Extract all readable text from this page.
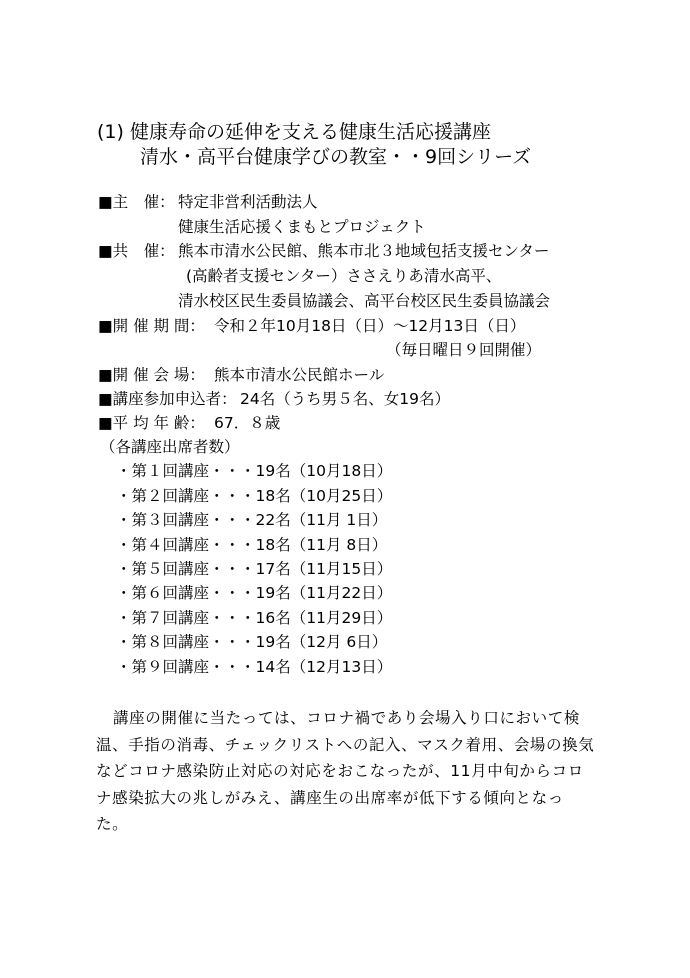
(1) 健康寿命の延伸を支える健康生活応援講座
清水・高平台健康学びの教室・・9回シリーズ
■主　催： 特定非営利活動法人
健康生活応援くまもとプロジェクト
■共　催： 熊本市清水公民館、熊本市北３地域包括支援センター
(高齢者支援センター）ささえりあ清水高平、
清水校区民生委員協議会、高平台校区民生委員協議会
■開 催 期 間： 令和２年10月18日（日）～12月13日（日）
（毎日曜日９回開催）
■開 催 会 場： 熊本市清水公民館ホール
■講座参加申込者： 24名（うち男５名、女19名）
■平 均 年 齢： 67．８歳
（各講座出席者数）
・第１回講座・・・19名（10月18日）
・第２回講座・・・18名（10月25日）
・第３回講座・・・22名（11月 1日）
・第４回講座・・・18名（11月 8日）
・第５回講座・・・17名（11月15日）
・第６回講座・・・19名（11月22日）
・第７回講座・・・16名（11月29日）
・第８回講座・・・19名（12月 6日）
・第９回講座・・・14名（12月13日）
講座の開催に当たっては、コロナ禍であり会場入り口において検温、手指の消毒、チェックリストへの記入、マスク着用、会場の換気などコロナ感染防止対応の対応をおこなったが、11月中旬からコロナ感染拡大の兆しがみえ、講座生の出席率が低下する傾向となった。
